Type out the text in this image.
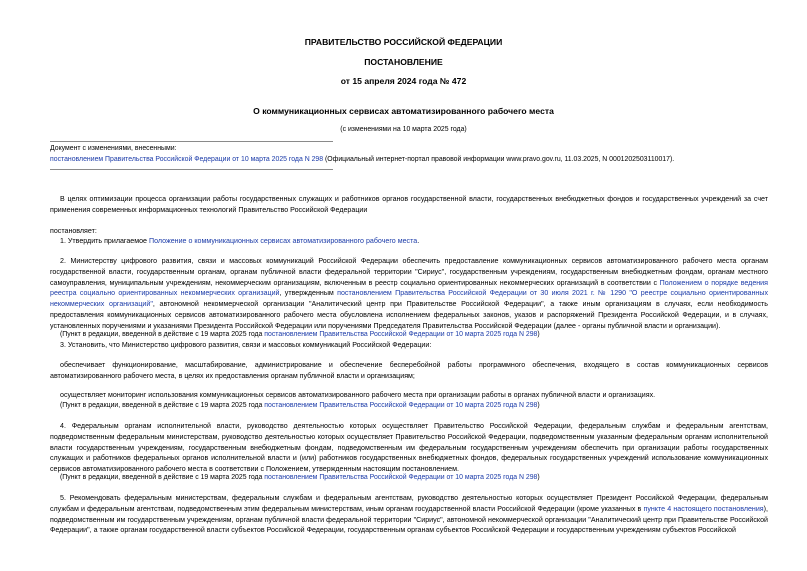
ПРАВИТЕЛЬСТВО РОССИЙСКОЙ ФЕДЕРАЦИИ
ПОСТАНОВЛЕНИЕ
от 15 апреля 2024 года № 472
О коммуникационных сервисах автоматизированного рабочего места
(с изменениями на 10 марта 2025 года)
Документ с изменениями, внесенными:
постановлением Правительства Российской Федерации от 10 марта 2025 года N 298 (Официальный интернет-портал правовой информации www.pravo.gov.ru, 11.03.2025, N 0001202503110017).
В целях оптимизации процесса организации работы государственных служащих и работников органов государственной власти, государственных внебюджетных фондов и государственных учреждений за счет применения современных информационных технологий Правительство Российской Федерации
постановляет:
1. Утвердить прилагаемое Положение о коммуникационных сервисах автоматизированного рабочего места.
2. Министерству цифрового развития, связи и массовых коммуникаций Российской Федерации обеспечить предоставление коммуникационных сервисов автоматизированного рабочего места органам государственной власти, государственным органам, органам публичной власти федеральной территории "Сириус", государственным учреждениям, государственным внебюджетным фондам, органам местного самоуправления, муниципальным учреждениям, некоммерческим организациям, включенным в реестр социально ориентированных некоммерческих организаций в соответствии с Положением о порядке ведения реестра социально ориентированных некоммерческих организаций, утвержденным постановлением Правительства Российской Федерации от 30 июля 2021 г. № 1290 "О реестре социально ориентированных некоммерческих организаций", автономной некоммерческой организации "Аналитический центр при Правительстве Российской Федерации", а также иным организациям в случаях, если необходимость предоставления коммуникационных сервисов автоматизированного рабочего места обусловлена исполнением федеральных законов, указов и распоряжений Президента Российской Федерации, и в случаях, установленных поручениями и указаниями Президента Российской Федерации или поручениями Председателя Правительства Российской Федерации (далее - органы публичной власти и организации).
(Пункт в редакции, введенной в действие с 19 марта 2025 года постановлением Правительства Российской Федерации от 10 марта 2025 года N 298)
3. Установить, что Министерство цифрового развития, связи и массовых коммуникаций Российской Федерации:
обеспечивает функционирование, масштабирование, администрирование и обеспечение бесперебойной работы программного обеспечения, входящего в состав коммуникационных сервисов автоматизированного рабочего места, в целях их предоставления органам публичной власти и организациям;
осуществляет мониторинг использования коммуникационных сервисов автоматизированного рабочего места при организации работы в органах публичной власти и организациях.
(Пункт в редакции, введенной в действие с 19 марта 2025 года постановлением Правительства Российской Федерации от 10 марта 2025 года N 298)
4. Федеральным органам исполнительной власти, руководство деятельностью которых осуществляет Правительство Российской Федерации, федеральным службам и федеральным агентствам, подведомственным федеральным министерствам, руководство деятельностью которых осуществляет Правительство Российской Федерации, подведомственным указанным федеральным органам исполнительной власти государственным учреждениям, государственным внебюджетным фондам, подведомственным им федеральным государственным учреждениям обеспечить при организации работы государственных служащих и работников федеральных органов исполнительной власти и (или) работников государственных внебюджетных фондов, федеральных государственных учреждений использование коммуникационных сервисов автоматизированного рабочего места в соответствии с Положением, утвержденным настоящим постановлением.
(Пункт в редакции, введенной в действие с 19 марта 2025 года постановлением Правительства Российской Федерации от 10 марта 2025 года N 298)
5. Рекомендовать федеральным министерствам, федеральным службам и федеральным агентствам, руководство деятельностью которых осуществляет Президент Российской Федерации, федеральным службам и федеральным агентствам, подведомственным этим федеральным министерствам, иным органам государственной власти Российской Федерации (кроме указанных в пункте 4 настоящего постановления), подведомственным им государственным учреждениям, органам публичной власти федеральной территории "Сириус", автономной некоммерческой организации "Аналитический центр при Правительстве Российской Федерации", а также органам государственной власти субъектов Российской Федерации, государственным органам субъектов Российской Федерации и государственным учреждениям субъектов Российской
